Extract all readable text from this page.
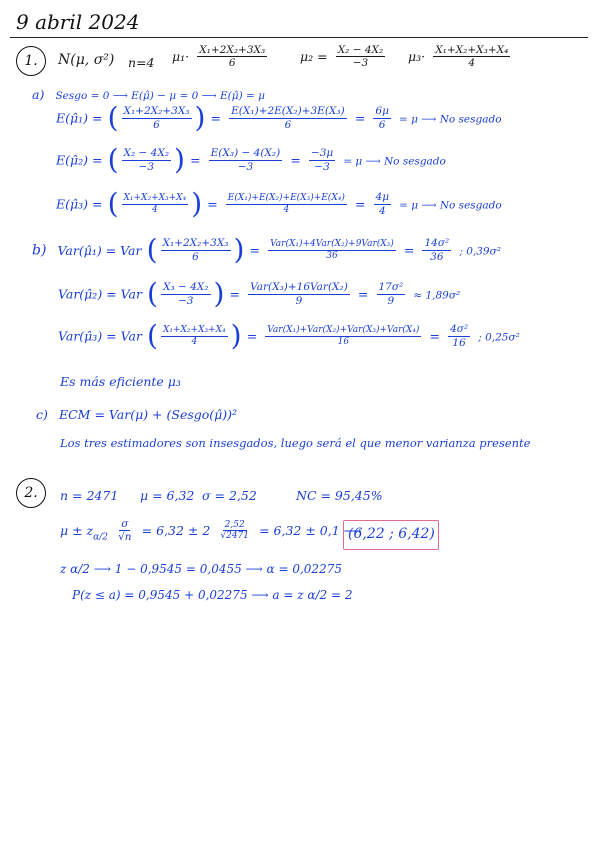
9 abril 2024
1.	N(μ, σ²) n=4 $\mu_1\cdot \frac{\text{X₁+2X₂+3X₃}}{6}$	$\mu_2 = \frac{\text{X₂ − 4X₂}}{-3} \mu_3\cdot \frac{\text{X₁+X₂+X₃+X₄}}{4}$
a) Sesgo = 0 ⟶ E(μ̂) − μ = 0 ⟶ E(μ̂) = μ
E(μ̂₁) = ( $\frac{\text{X₁+2X₂+3X₃}}{6}$ ) = $\frac{\text{E(X₁)+2E(X₂)+3E(X₃)}}{6} = \frac{6\mu}{6} = \mu$ ⟶ No sesgado
E(μ̂₂) = ( $\frac{\text{X₂ − 4X₂}}{-3}$ ) = $\frac{\text{E(X₃) − 4(X₂)}}{-3} = \frac{-3\mu}{-3} = \mu$ ⟶ No sesgado
E(μ̂₃) = ( $\frac{\text{X₁+X₂+X₃+X₄}}{4}$ ) = $\frac{\text{E(X₁)+E(X₂)+E(X₃)+E(X₄)}}{4} = \frac{4\mu}{4} = \mu$ ⟶ No sesgado
b) Var(μ̂₁) = Var ( $\frac{\text{X₁+2X₂+3X₃}}{6}$ ) = $\frac{\text{Var(X₁)+4Var(X₂)+9Var(X₃)}}{36} = \frac{\text{14σ²}}{36}$ ; 0,39σ²
Var(μ̂₂) = Var ( $\frac{\text{X₃ − 4X₂}}{-3}$ ) = $\frac{\text{Var(X₃)+16Var(X₂)}}{9} = \frac{\text{17σ²}}{9} \approx 1,89\sigma^2$
Var(μ̂₃) = Var ( $\frac{\text{X₁+X₂+X₃+X₄}}{4}$ ) = $\frac{\text{Var(X₁)+Var(X₂)+Var(X₃)+Var(X₄)}}{16} = \frac{\text{4σ²}}{16}$ ; 0,25σ²
Es más eficiente μ₃
c) ECM = Var(μ) + (Sesgo(μ̂))²
Los tres estimadores son insesgados, luego será el que menor varianza presente
2.	n = 2471 μ = 6,32 σ = 2,52	NC = 95,45%
$\mu \pm z_{\alpha/2} \frac{\sigma}{√n} = 6,32 \pm 2 \frac{2,52}{√2471} = 6,32 \pm 0,1$ ⟶
(6,22 ; 6,42)
z α/2 ⟶ 1 − 0,9545 = 0,0455 ⟶ α = 0,02275
P(z ≤ a) = 0,9545 + 0,02275 ⟶ a = z α/2 = 2
